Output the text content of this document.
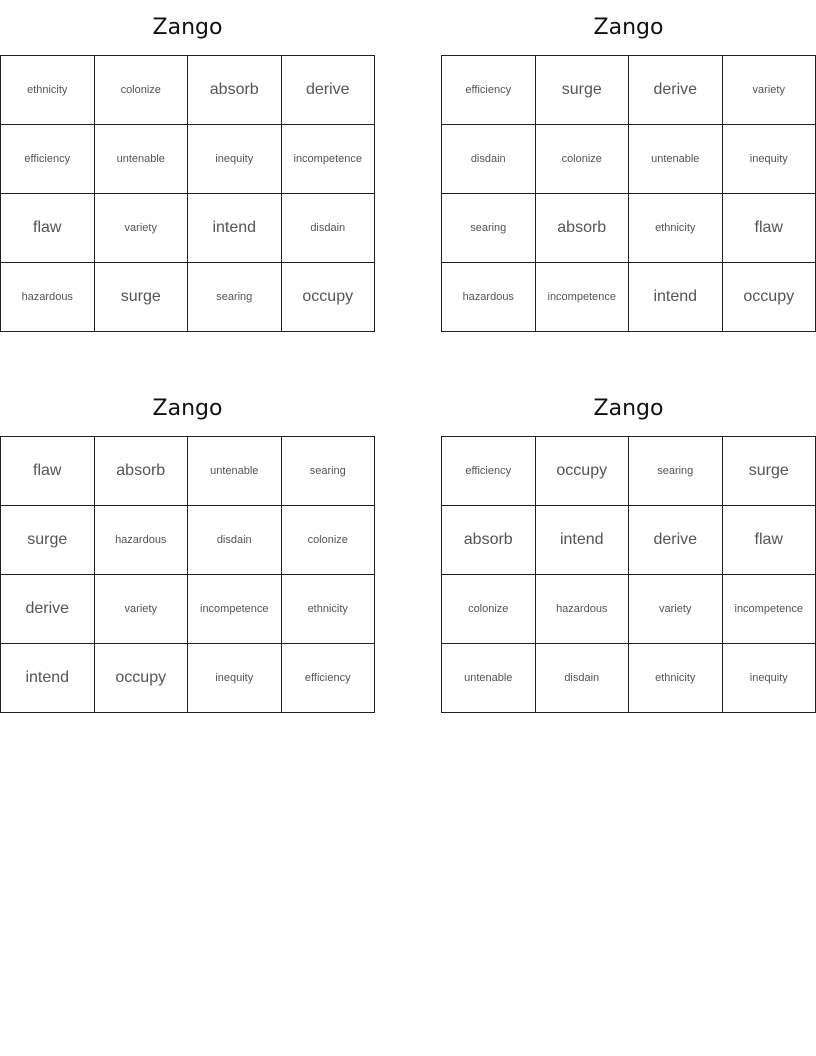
Zango
ethnicity	colonize	absorb	derive
efficiency	untenable	inequity	incompetence
flaw	variety	intend	disdain
hazardous	surge	searing	occupy
Zango
efficiency	surge	derive	variety
disdain	colonize	untenable	inequity
searing	absorb	ethnicity	flaw
hazardous	incompetence	intend	occupy
Zango
flaw	absorb	untenable	searing
surge	hazardous	disdain	colonize
derive	variety	incompetence	ethnicity
intend	occupy	inequity	efficiency
Zango
efficiency	occupy	searing	surge
absorb	intend	derive	flaw
colonize	hazardous	variety	incompetence
untenable	disdain	ethnicity	inequity
